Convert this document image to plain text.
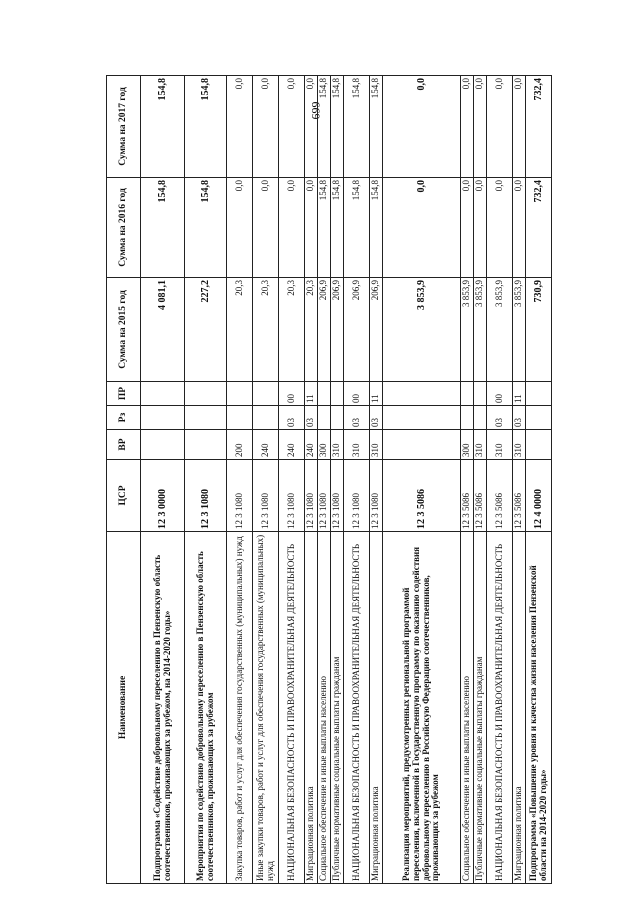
699
Наименование	ЦСР	ВР	Рз	ПР	Сумма на 2015 год	Сумма на 2016 год	Сумма на 2017 год
Подпрограмма «Содействие добровольному переселению в Пензенскую область соотечественников, проживающих за рубежом, на 2014-2020 годы»	12 3 0000				4 081,1	154,8	154,8
Мероприятия по содействию добровольному переселению в Пензенскую область соотечественников, проживающих за рубежом	12 3 1080				227,2	154,8	154,8
Закупка товаров, работ и услуг для обеспечения государственных (муниципальных) нужд	12 3 1080	200			20,3	0,0	0,0
Иные закупки товаров, работ и услуг для обеспечения государственных (муниципальных) нужд	12 3 1080	240			20,3	0,0	0,0
НАЦИОНАЛЬНАЯ БЕЗОПАСНОСТЬ И ПРАВООХРАНИТЕЛЬНАЯ ДЕЯТЕЛЬНОСТЬ	12 3 1080	240	03	00	20,3	0,0	0,0
Миграционная политика	12 3 1080	240	03	11	20,3	0,0	0,0
Социальное обеспечение и иные выплаты населению	12 3 1080	300			206,9	154,8	154,8
Публичные нормативные социальные выплаты гражданам	12 3 1080	310			206,9	154,8	154,8
НАЦИОНАЛЬНАЯ БЕЗОПАСНОСТЬ И ПРАВООХРАНИТЕЛЬНАЯ ДЕЯТЕЛЬНОСТЬ	12 3 1080	310	03	00	206,9	154,8	154,8
Миграционная политика	12 3 1080	310	03	11	206,9	154,8	154,8
Реализация мероприятий, предусмотренных региональной программой переселения, включенной в Государственную программу по оказанию содействия добровольному переселению в Российскую Федерацию соотечественников, проживающих за рубежом	12 3 5086				3 853,9	0,0	0,0
Социальное обеспечение и иные выплаты населению	12 3 5086	300			3 853,9	0,0	0,0
Публичные нормативные социальные выплаты гражданам	12 3 5086	310			3 853,9	0,0	0,0
НАЦИОНАЛЬНАЯ БЕЗОПАСНОСТЬ И ПРАВООХРАНИТЕЛЬНАЯ ДЕЯТЕЛЬНОСТЬ	12 3 5086	310	03	00	3 853,9	0,0	0,0
Миграционная политика	12 3 5086	310	03	11	3 853,9	0,0	0,0
Подпрограмма «Повышение уровня и качества жизни населения Пензенской области на 2014-2020 годы»	12 4 0000				730,9	732,4	732,4
